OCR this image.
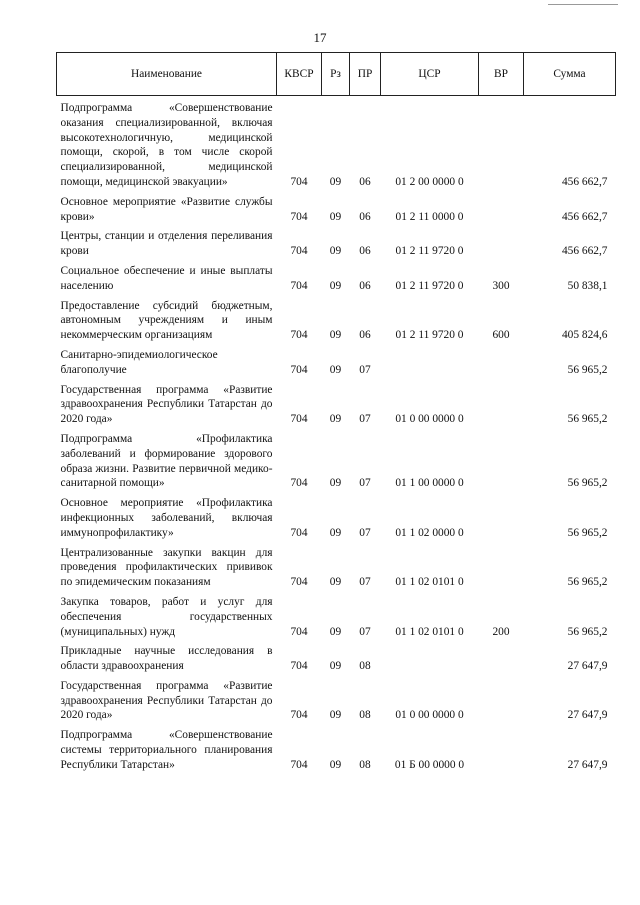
17
Наименование	КВСР	Рз	ПР	ЦСР	ВР	Сумма
Подпрограмма «Совершенствование оказания специализированной, включая высокотехнологичную, медицинской помощи, скорой, в том числе скорой специализированной, медицинской помощи, медицинской эвакуации»	704	09	06	01 2 00 0000 0		456 662,7
Основное мероприятие «Развитие службы крови»	704	09	06	01 2 11 0000 0		456 662,7
Центры, станции и отделения переливания крови	704	09	06	01 2 11 9720 0		456 662,7
Социальное обеспечение и иные выплаты населению	704	09	06	01 2 11 9720 0	300	50 838,1
Предоставление субсидий бюджетным, автономным учреждениям и иным некоммерческим организациям	704	09	06	01 2 11 9720 0	600	405 824,6
Санитарно-эпидемиологическое благополучие	704	09	07			56 965,2
Государственная программа «Развитие здравоохранения Республики Татарстан до 2020 года»	704	09	07	01 0 00 0000 0		56 965,2
Подпрограмма «Профилактика заболеваний и формирование здорового образа жизни. Развитие первичной медико-санитарной помощи»	704	09	07	01 1 00 0000 0		56 965,2
Основное мероприятие «Профилактика инфекционных заболеваний, включая иммунопрофилактику»	704	09	07	01 1 02 0000 0		56 965,2
Централизованные закупки вакцин для проведения профилактических прививок по эпидемическим показаниям	704	09	07	01 1 02 0101 0		56 965,2
Закупка товаров, работ и услуг для обеспечения государственных (муниципальных) нужд	704	09	07	01 1 02 0101 0	200	56 965,2
Прикладные научные исследования в области здравоохранения	704	09	08			27 647,9
Государственная программа «Развитие здравоохранения Республики Татарстан до 2020 года»	704	09	08	01 0 00 0000 0		27 647,9
Подпрограмма «Совершенствование системы территориального планирования Республики Татарстан»	704	09	08	01 Б 00 0000 0		27 647,9
